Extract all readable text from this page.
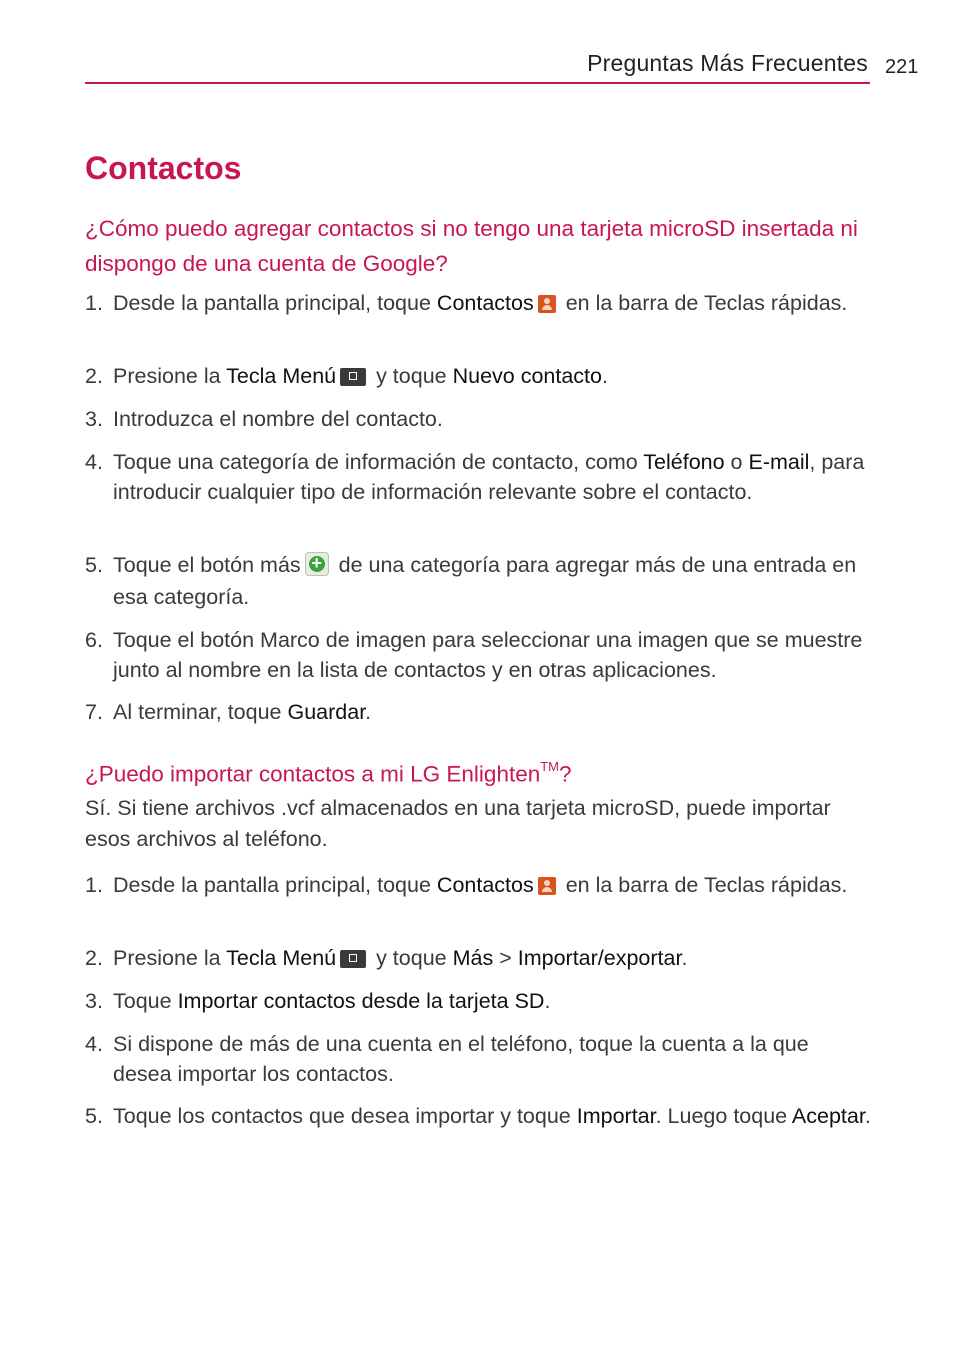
Preguntas Más Frecuentes 221
Contactos
¿Cómo puedo agregar contactos si no tengo una tarjeta microSD insertada ni dispongo de una cuenta de Google?
1. Desde la pantalla principal, toque Contactos en la barra de Teclas rápidas.
2. Presione la Tecla Menú y toque Nuevo contacto.
3. Introduzca el nombre del contacto.
4. Toque una categoría de información de contacto, como Teléfono o E-mail, para introducir cualquier tipo de información relevante sobre el contacto.
5. Toque el botón más+ de una categoría para agregar más de una entrada en esa categoría.
6. Toque el botón Marco de imagen para seleccionar una imagen que se muestre junto al nombre en la lista de contactos y en otras aplicaciones.
7. Al terminar, toque Guardar.
¿Puedo importar contactos a mi LG Enlighten™?

Sí. Si tiene archivos .vcf almacenados en una tarjeta microSD, puede importar esos archivos al teléfono.

1. Desde la pantalla principal, toque Contactos en la barra de Teclas rápidas.
2. Presione la Tecla Menú y toque Más > Importar/exportar.
3. Toque Importar contactos desde la tarjeta SD.
4. Si dispone de más de una cuenta en el teléfono, toque la cuenta a la que desea importar los contactos.
5. Toque los contactos que desea importar y toque Importar. Luego toque Aceptar.
